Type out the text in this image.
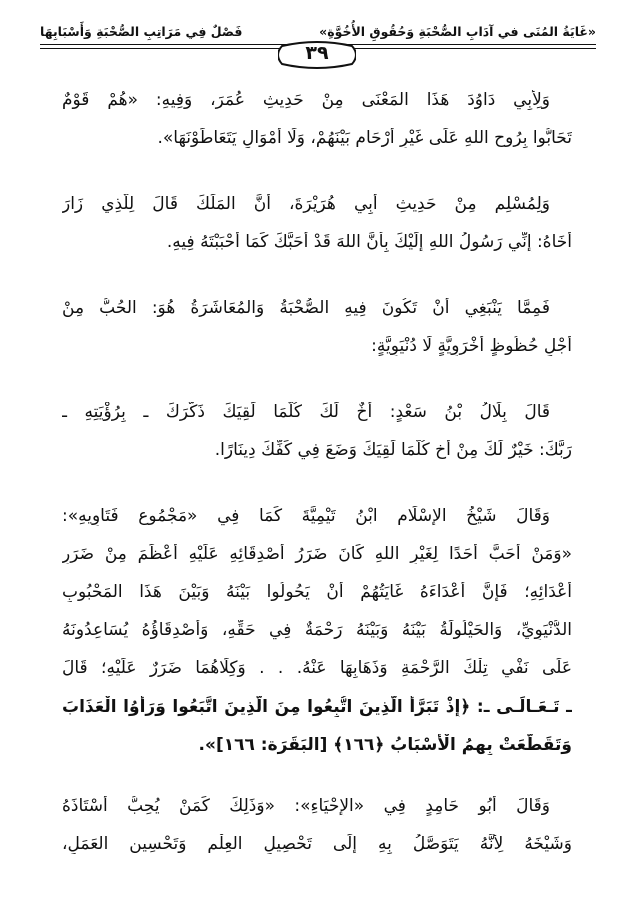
«غَايَةُ المُنَى في آدَابِ الصُّحْبَةِ وَحُقُوقِ الأُخُوَّةِ»
فَصْلٌ فِي مَرَاتِبِ الصُّحْبَةِ وَأَسْبَابِهَا
٣٩
وَلِأَبِي دَاوُدَ هَذَا المَعْنَى مِنْ حَدِيثِ عُمَرَ، وَفِيهِ: «هُمْ قَوْمٌ
تَحَابُّوا بِرُوحِ اللهِ عَلَى غَيْرِ أَرْحَامٍ بَيْنَهُمْ، وَلَا أَمْوَالٍ يَتَعَاطَوْنَهَا».
وَلِمُسْلِمٍ مِنْ حَدِيثِ أَبِي هُرَيْرَةَ، أَنَّ المَلَكَ قَالَ لِلَّذِي زَارَ
أَخَاهُ: إِنِّي رَسُولُ اللهِ إِلَيْكَ بِأَنَّ اللهَ قَدْ أَحَبَّكَ كَمَا أَحْبَبْتَهُ فِيهِ.
فَمِمَّا يَنْبَغِي أَنْ تَكُونَ فِيهِ الصُّحْبَةُ وَالمُعَاشَرَةُ هُوَ: الحُبُّ مِنْ
أَجْلِ حُظُوظٍ أُخْرَوِيَّةٍ لَا دُنْيَوِيَّةٍ:
قَالَ بِلَالُ بْنُ سَعْدٍ: أَخٌ لَكَ كُلَّمَا لَقِيَكَ ذَكَّرَكَ ـ بِرُؤْيَتِهِ ـ
رَبَّكَ: خَيْرٌ لَكَ مِنْ أَخٍ كُلَّمَا لَقِيَكَ وَضَعَ فِي كَفِّكَ دِينَارًا.
وَقَالَ شَيْخُ الإِسْلَامِ ابْنُ تَيْمِيَّةَ كَمَا فِي «مَجْمُوعِ فَتَاوِيهِ»:
«وَمَنْ أَحَبَّ أَحَدًا لِغَيْرِ اللهِ كَانَ ضَرَرُ أَصْدِقَائِهِ عَلَيْهِ أَعْظَمَ مِنْ ضَرَرِ
أَعْدَائِهِ؛ فَإِنَّ أَعْدَاءَهُ غَايَتُهُمْ أَنْ يَحُولُوا بَيْنَهُ وَبَيْنَ هَذَا المَحْبُوبِ
الدُّنْيَوِيِّ، وَالحَيْلُولَةُ بَيْنَهُ وَبَيْنَهُ رَحْمَةٌ فِي حَقِّهِ، وَأَصْدِقَاؤُهُ يُسَاعِدُونَهُ
عَلَى نَفْيِ تِلْكَ الرَّحْمَةِ وَذَهَابِهَا عَنْهُ. . . وَكِلَاهُمَا ضَرَرٌ عَلَيْهِ؛ قَالَ
ـ تَـعَـالَـى ـ: ﴿إِذْ تَبَرَّأَ الَّذِينَ اتُّبِعُوا مِنَ الَّذِينَ اتَّبَعُوا وَرَأَوُا الْعَذَابَ
وَتَقَطَّعَتْ بِهِمُ الْأَسْبَابُ ﴿١٦٦﴾ [البَقَرَة: ١٦٦]».
وَقَالَ أَبُو حَامِدٍ فِي «الإِحْيَاءِ»: «وَذَلِكَ كَمَنْ يُحِبُّ أُسْتَاذَهُ
وَشَيْخَهُ لِأَنَّهُ يَتَوَصَّلُ بِهِ إِلَى تَحْصِيلِ العِلْمِ وَتَحْسِينِ العَمَلِ،
